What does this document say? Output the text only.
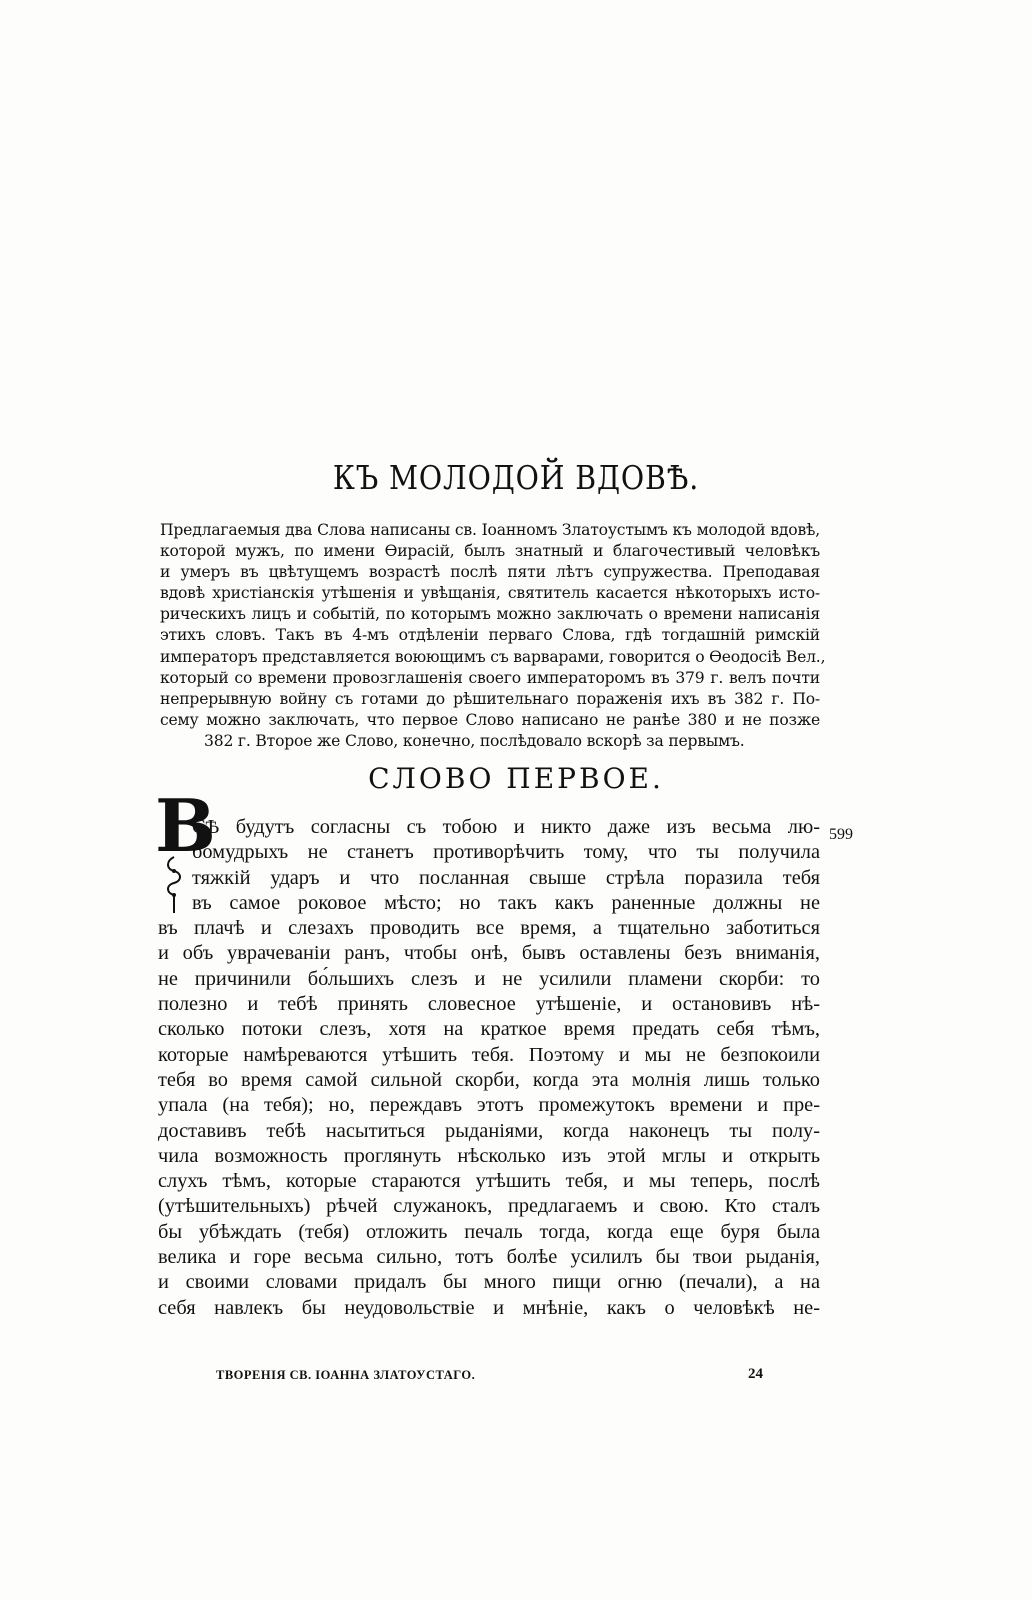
КЪ МОЛОДОЙ ВДОВѢ.
Предлагаемыя два Слова написаны св. Іоанномъ Златоустымъ къ молодой вдовѣ,
которой мужъ, по имени Ѳирасій, былъ знатный и благочестивый человѣкъ
и умеръ въ цвѣтущемъ возрастѣ послѣ пяти лѣтъ супружества. Преподавая
вдовѣ христіанскія утѣшенія и увѣщанія, святитель касается нѣкоторыхъ исто-
рическихъ лицъ и событій, по которымъ можно заключать о времени написанія
этихъ словъ. Такъ въ 4-мъ отдѣленіи перваго Слова, гдѣ тогдашній римскій
императоръ представляется воюющимъ съ варварами, говорится о Ѳеодосіѣ Вел.,
который со времени провозглашенія своего императоромъ въ 379 г. велъ почти
непрерывную войну съ готами до рѣшительнаго пораженія ихъ въ 382 г. По-
сему можно заключать, что первое Слово написано не ранѣе 380 и не позже
382 г. Второе же Слово, конечно, послѣдовало вскорѣ за первымъ.
СЛОВО ПЕРВОЕ.
В
СѢ будутъ согласны съ тобою и никто даже изъ весьма лю-
бомудрыхъ не станетъ противорѣчить тому, что ты получила
тяжкій ударъ и что посланная свыше стрѣла поразила тебя
въ самое роковое мѣсто; но такъ какъ раненные должны не
въ плачѣ и слезахъ проводить все время, а тщательно заботиться
и объ уврачеваніи ранъ, чтобы онѣ, бывъ оставлены безъ вниманія,
не причинили бо́льшихъ слезъ и не усилили пламени скорби: то
полезно и тебѣ принять словесное утѣшеніе, и остановивъ нѣ-
сколько потоки слезъ, хотя на краткое время предать себя тѣмъ,
которые намѣреваются утѣшить тебя. Поэтому и мы не безпокоили
тебя во время самой сильной скорби, когда эта молнія лишь только
упала (на тебя); но, переждавъ этотъ промежутокъ времени и пре-
доставивъ тебѣ насытиться рыданіями, когда наконецъ ты полу-
чила возможность проглянуть нѣсколько изъ этой мглы и открыть
слухъ тѣмъ, которые стараются утѣшить тебя, и мы теперь, послѣ
(утѣшительныхъ) рѣчей служанокъ, предлагаемъ и свою. Кто сталъ
бы убѣждать (тебя) отложить печаль тогда, когда еще буря была
велика и горе весьма сильно, тотъ болѣе усилилъ бы твои рыданія,
и своими словами придалъ бы много пищи огню (печали), а на
себя навлекъ бы неудовольствіе и мнѣніе, какъ о человѣкѣ не-
599
ТВОРЕНІЯ СВ. ІОАННА ЗЛАТОУСТАГО.	24
